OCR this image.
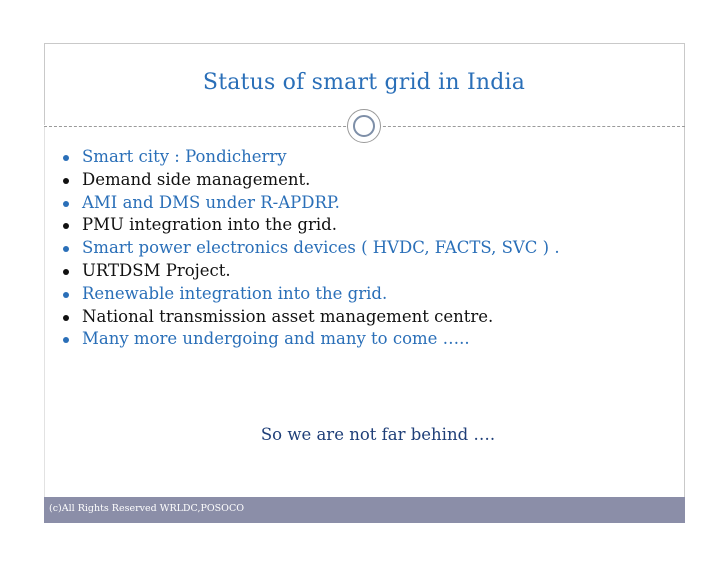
Status of smart grid in India
Smart city : Pondicherry
Demand side management.
AMI and DMS under R-APDRP.
PMU integration into the grid.
Smart power electronics devices ( HVDC, FACTS, SVC ) .
URTDSM Project.
Renewable integration into the grid.
National transmission asset management centre.
Many more undergoing and many to come …..
So we are not far behind ….
(c)All Rights Reserved WRLDC,POSOCO
